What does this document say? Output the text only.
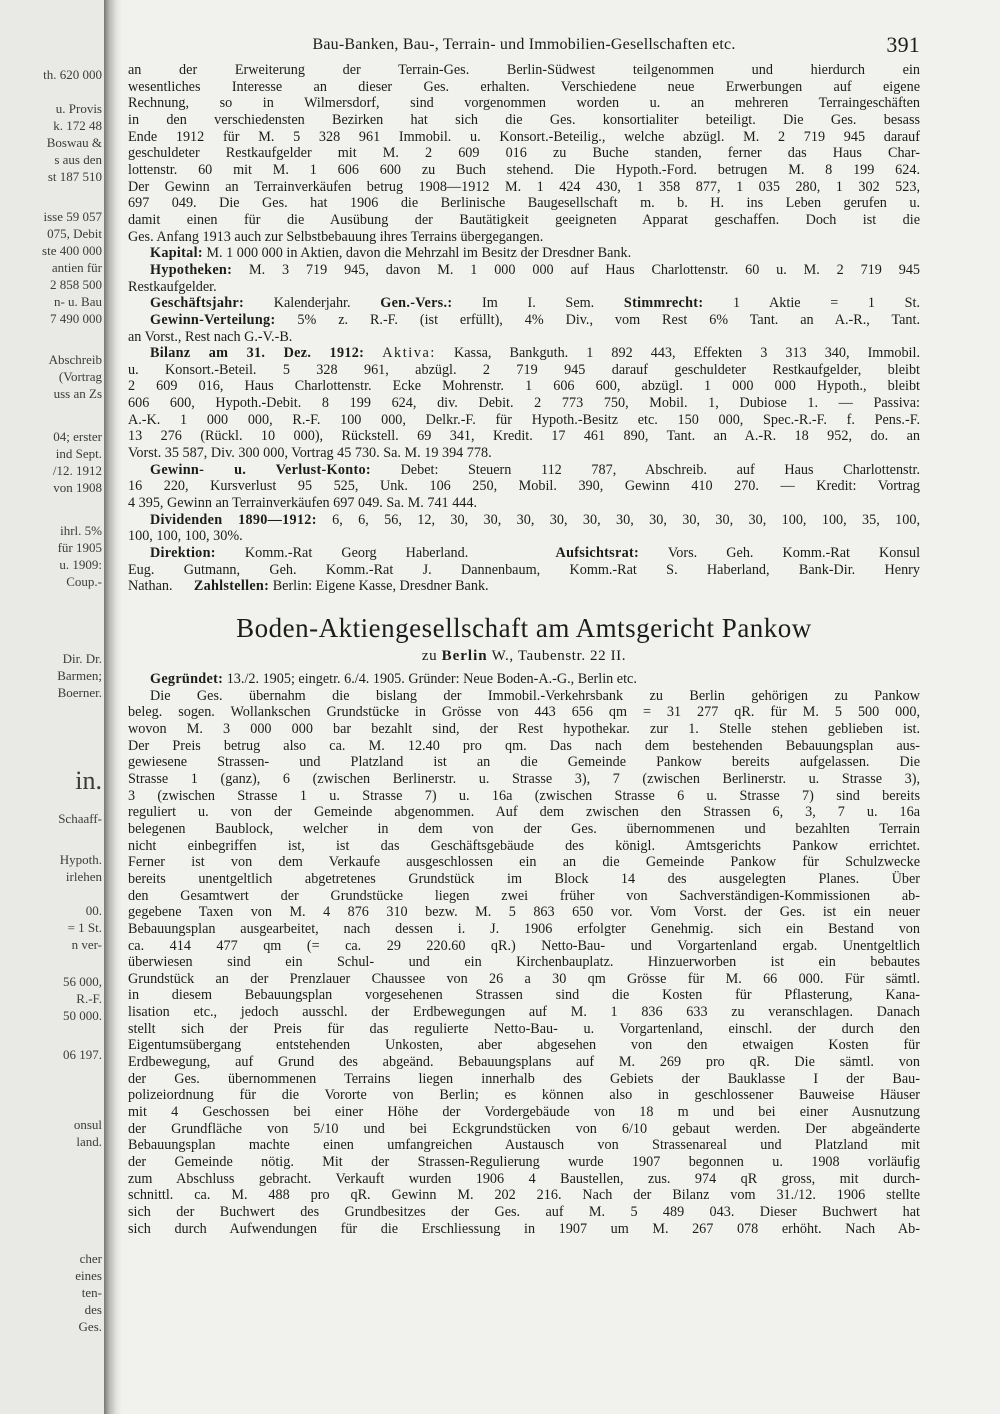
th. 620 000
u. Provis
k. 172 48
Boswau &
s aus den
st 187 510
isse 59 057
075, Debit
ste 400 000
antien für
2 858 500
n- u. Bau
7 490 000
Abschreib
(Vortrag
uss an Zs
04; erster
ind Sept.
/12. 1912
von 1908
ihrl. 5%
für 1905
u. 1909:
Coup.-
Dir. Dr.
Barmen;
Boerner.
in.
Schaaff-
Hypoth.
irlehen
00.
= 1 St.
n ver-
56 000,
R.-F.
50 000.
06 197.
onsul
land.
cher
eines
ten-
des
Ges.
Bau-Banken, Bau-, Terrain- und Immobilien-Gesellschaften etc.	391

an der Erweiterung der Terrain-Ges. Berlin-Südwest teilgenommen und hierdurch ein

wesentliches Interesse an dieser Ges. erhalten. Verschiedene neue Erwerbungen auf eigene

Rechnung, so in Wilmersdorf, sind vorgenommen worden u. an mehreren Terraingeschäften

in den verschiedensten Bezirken hat sich die Ges. konsortialiter beteiligt. Die Ges. besass

Ende 1912 für M. 5 328 961 Immobil. u. Konsort.-Beteilig., welche abzügl. M. 2 719 945 darauf

geschuldeter Restkaufgelder mit M. 2 609 016 zu Buche standen, ferner das Haus Char-

lottenstr. 60 mit M. 1 606 600 zu Buch stehend. Die Hypoth.-Ford. betrugen M. 8 199 624.

Der Gewinn an Terrainverkäufen betrug 1908—1912 M. 1 424 430, 1 358 877, 1 035 280, 1 302 523,

697 049. Die Ges. hat 1906 die Berlinische Baugesellschaft m. b. H. ins Leben gerufen u.

damit einen für die Ausübung der Bautätigkeit geeigneten Apparat geschaffen. Doch ist die

Ges. Anfang 1913 auch zur Selbstbebauung ihres Terrains übergegangen.

Kapital: M. 1 000 000 in Aktien, davon die Mehrzahl im Besitz der Dresdner Bank.

Hypotheken: M. 3 719 945, davon M. 1 000 000 auf Haus Charlottenstr. 60 u. M. 2 719 945

Restkaufgelder.

Geschäftsjahr: Kalenderjahr. Gen.-Vers.: Im I. Sem. Stimmrecht: 1 Aktie = 1 St.

Gewinn-Verteilung: 5% z. R.-F. (ist erfüllt), 4% Div., vom Rest 6% Tant. an A.-R., Tant.

an Vorst., Rest nach G.-V.-B.

Bilanz am 31. Dez. 1912: Aktiva: Kassa, Bankguth. 1 892 443, Effekten 3 313 340, Immobil.

u. Konsort.-Beteil. 5 328 961, abzügl. 2 719 945 darauf geschuldeter Restkaufgelder, bleibt

2 609 016, Haus Charlottenstr. Ecke Mohrenstr. 1 606 600, abzügl. 1 000 000 Hypoth., bleibt

606 600, Hypoth.-Debit. 8 199 624, div. Debit. 2 773 750, Mobil. 1, Dubiose 1. — Passiva:

A.-K. 1 000 000, R.-F. 100 000, Delkr.-F. für Hypoth.-Besitz etc. 150 000, Spec.-R.-F. f. Pens.-F.

13 276 (Rückl. 10 000), Rückstell. 69 341, Kredit. 17 461 890, Tant. an A.-R. 18 952, do. an

Vorst. 35 587, Div. 300 000, Vortrag 45 730. Sa. M. 19 394 778.

Gewinn- u. Verlust-Konto: Debet: Steuern 112 787, Abschreib. auf Haus Charlottenstr.

16 220, Kursverlust 95 525, Unk. 106 250, Mobil. 390, Gewinn 410 270. — Kredit: Vortrag

4 395, Gewinn an Terrainverkäufen 697 049. Sa. M. 741 444.

Dividenden 1890—1912: 6, 6, 56, 12, 30, 30, 30, 30, 30, 30, 30, 30, 30, 30, 100, 100, 35, 100,

100, 100, 100, 30%.

Direktion: Komm.-Rat Georg Haberland.	Aufsichtsrat: Vors. Geh. Komm.-Rat Konsul

Eug. Gutmann, Geh. Komm.-Rat J. Dannenbaum, Komm.-Rat S. Haberland, Bank-Dir. Henry

Nathan. Zahlstellen: Berlin: Eigene Kasse, Dresdner Bank.

Boden-Aktiengesellschaft am Amtsgericht Pankow
zu Berlin W., Taubenstr. 22 II.

Gegründet: 13./2. 1905; eingetr. 6./4. 1905. Gründer: Neue Boden-A.-G., Berlin etc.

Die Ges. übernahm die bislang der Immobil.-Verkehrsbank zu Berlin gehörigen zu Pankow

beleg. sogen. Wollankschen Grundstücke in Grösse von 443 656 qm = 31 277 qR. für M. 5 500 000,

wovon M. 3 000 000 bar bezahlt sind, der Rest hypothekar. zur 1. Stelle stehen geblieben ist.

Der Preis betrug also ca. M. 12.40 pro qm. Das nach dem bestehenden Bebauungsplan aus-

gewiesene Strassen- und Platzland ist an die Gemeinde Pankow bereits aufgelassen. Die

Strasse 1 (ganz), 6 (zwischen Berlinerstr. u. Strasse 3), 7 (zwischen Berlinerstr. u. Strasse 3),

3 (zwischen Strasse 1 u. Strasse 7) u. 16a (zwischen Strasse 6 u. Strasse 7) sind bereits

reguliert u. von der Gemeinde abgenommen. Auf dem zwischen den Strassen 6, 3, 7 u. 16a

belegenen Baublock, welcher in dem von der Ges. übernommenen und bezahlten Terrain

nicht einbegriffen ist, ist das Geschäftsgebäude des königl. Amtsgerichts Pankow errichtet.

Ferner ist von dem Verkaufe ausgeschlossen ein an die Gemeinde Pankow für Schulzwecke

bereits unentgeltlich abgetretenes Grundstück im Block 14 des ausgelegten Planes. Über

den Gesamtwert der Grundstücke liegen zwei früher von Sachverständigen-Kommissionen ab-

gegebene Taxen von M. 4 876 310 bezw. M. 5 863 650 vor. Vom Vorst. der Ges. ist ein neuer

Bebauungsplan ausgearbeitet, nach dessen i. J. 1906 erfolgter Genehmig. sich ein Bestand von

ca. 414 477 qm (= ca. 29 220.60 qR.) Netto-Bau- und Vorgartenland ergab. Unentgeltlich

überwiesen sind ein Schul- und ein Kirchenbauplatz. Hinzuerworben ist ein bebautes

Grundstück an der Prenzlauer Chaussee von 26 a 30 qm Grösse für M. 66 000. Für sämtl.

in diesem Bebauungsplan vorgesehenen Strassen sind die Kosten für Pflasterung, Kana-

lisation etc., jedoch ausschl. der Erdbewegungen auf M. 1 836 633 zu veranschlagen. Danach

stellt sich der Preis für das regulierte Netto-Bau- u. Vorgartenland, einschl. der durch den

Eigentumsübergang entstehenden Unkosten, aber abgesehen von den etwaigen Kosten für

Erdbewegung, auf Grund des abgeänd. Bebauungsplans auf M. 269 pro qR. Die sämtl. von

der Ges. übernommenen Terrains liegen innerhalb des Gebiets der Bauklasse I der Bau-

polizeiordnung für die Vororte von Berlin; es können also in geschlossener Bauweise Häuser

mit 4 Geschossen bei einer Höhe der Vordergebäude von 18 m und bei einer Ausnutzung

der Grundfläche von 5/10 und bei Eckgrundstücken von 6/10 gebaut werden. Der abgeänderte

Bebauungsplan machte einen umfangreichen Austausch von Strassenareal und Platzland mit

der Gemeinde nötig. Mit der Strassen-Regulierung wurde 1907 begonnen u. 1908 vorläufig

zum Abschluss gebracht. Verkauft wurden 1906 4 Baustellen, zus. 974 qR gross, mit durch-

schnittl. ca. M. 488 pro qR. Gewinn M. 202 216. Nach der Bilanz vom 31./12. 1906 stellte

sich der Buchwert des Grundbesitzes der Ges. auf M. 5 489 043. Dieser Buchwert hat

sich durch Aufwendungen für die Erschliessung in 1907 um M. 267 078 erhöht. Nach Ab-
